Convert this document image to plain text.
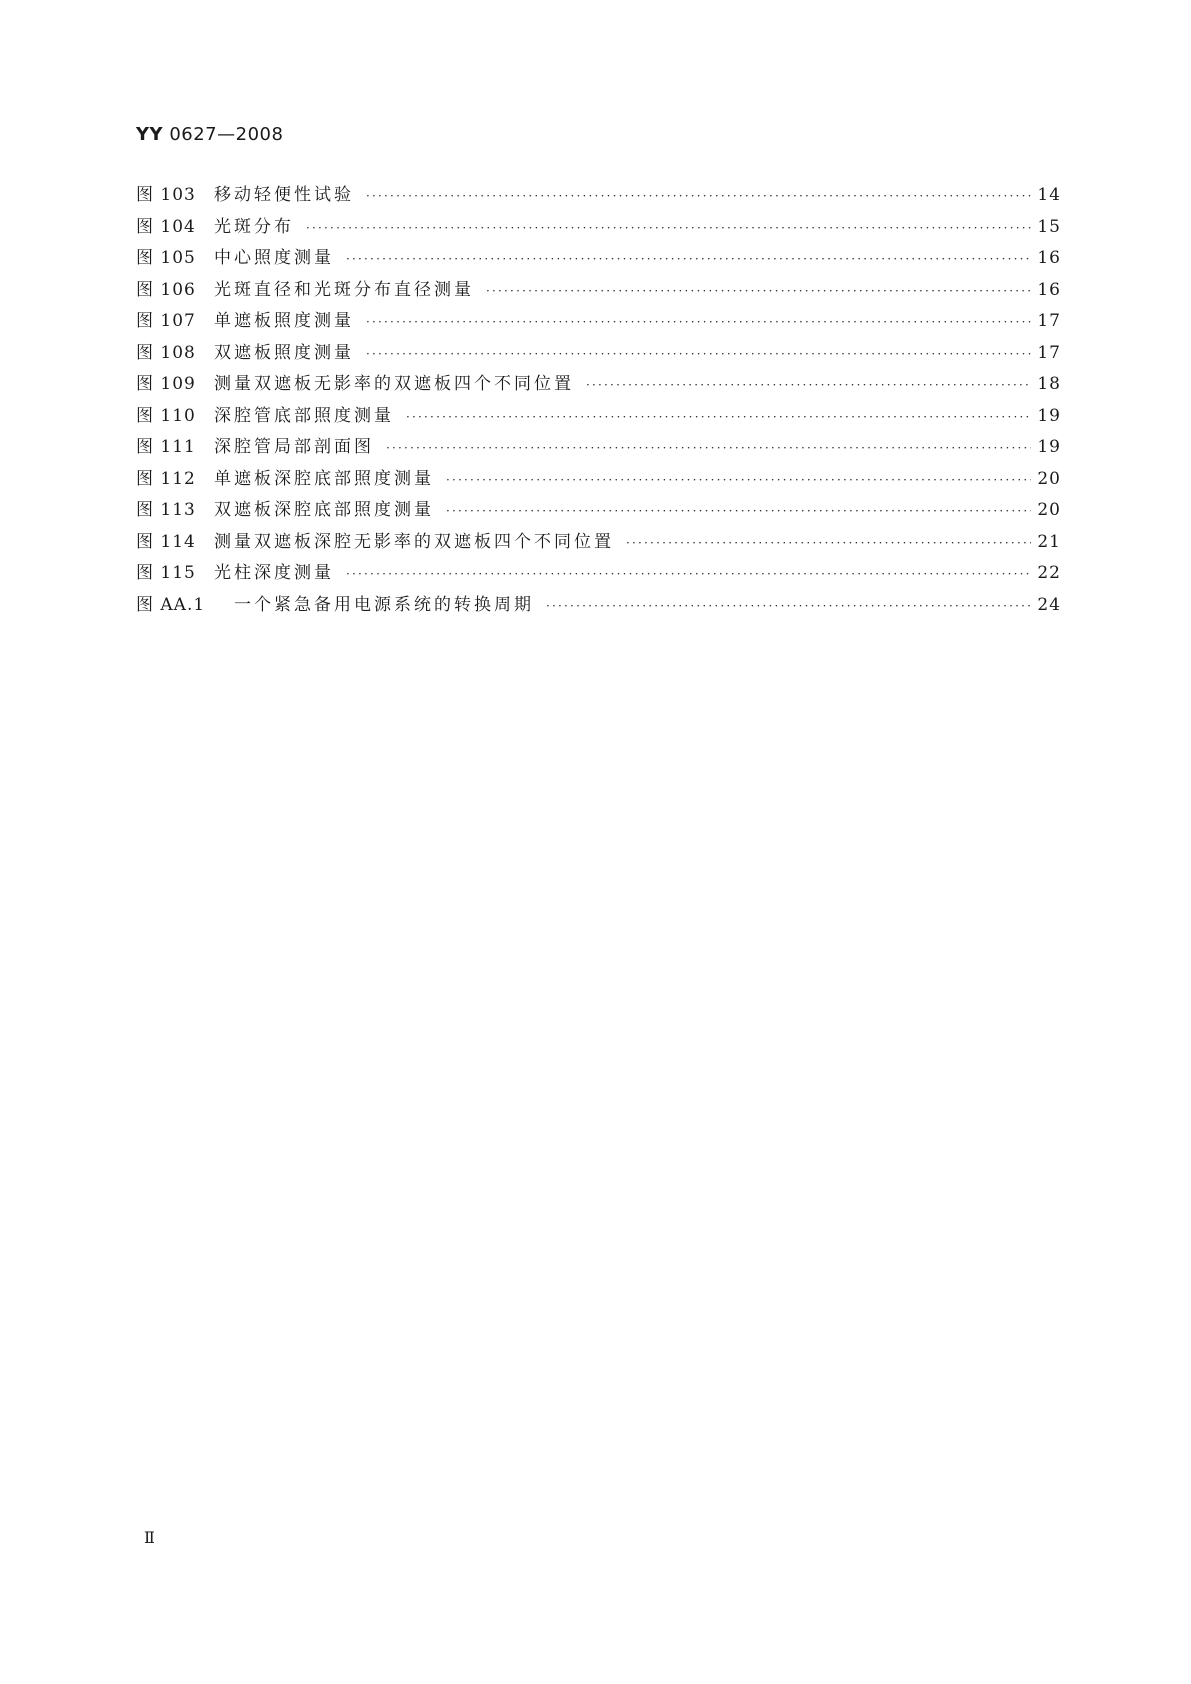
YY 0627—2008
图 103 移动轻便性试验 ·····	14
图 104 光斑分布 ·····	15
图 105 中心照度测量 ·····	16
图 106 光斑直径和光斑分布直径测量 ·····	16
图 107 单遮板照度测量 ·····	17
图 108 双遮板照度测量 ·····	17
图 109 测量双遮板无影率的双遮板四个不同位置 ·····	18
图 110 深腔管底部照度测量 ·····	19
图 111 深腔管局部剖面图 ·····	19
图 112 单遮板深腔底部照度测量 ·····	20
图 113 双遮板深腔底部照度测量 ·····	20
图 114 测量双遮板深腔无影率的双遮板四个不同位置 ·····	21
图 115 光柱深度测量 ·····	22
图 AA.1 一个紧急备用电源系统的转换周期 ·····	24
Ⅱ
